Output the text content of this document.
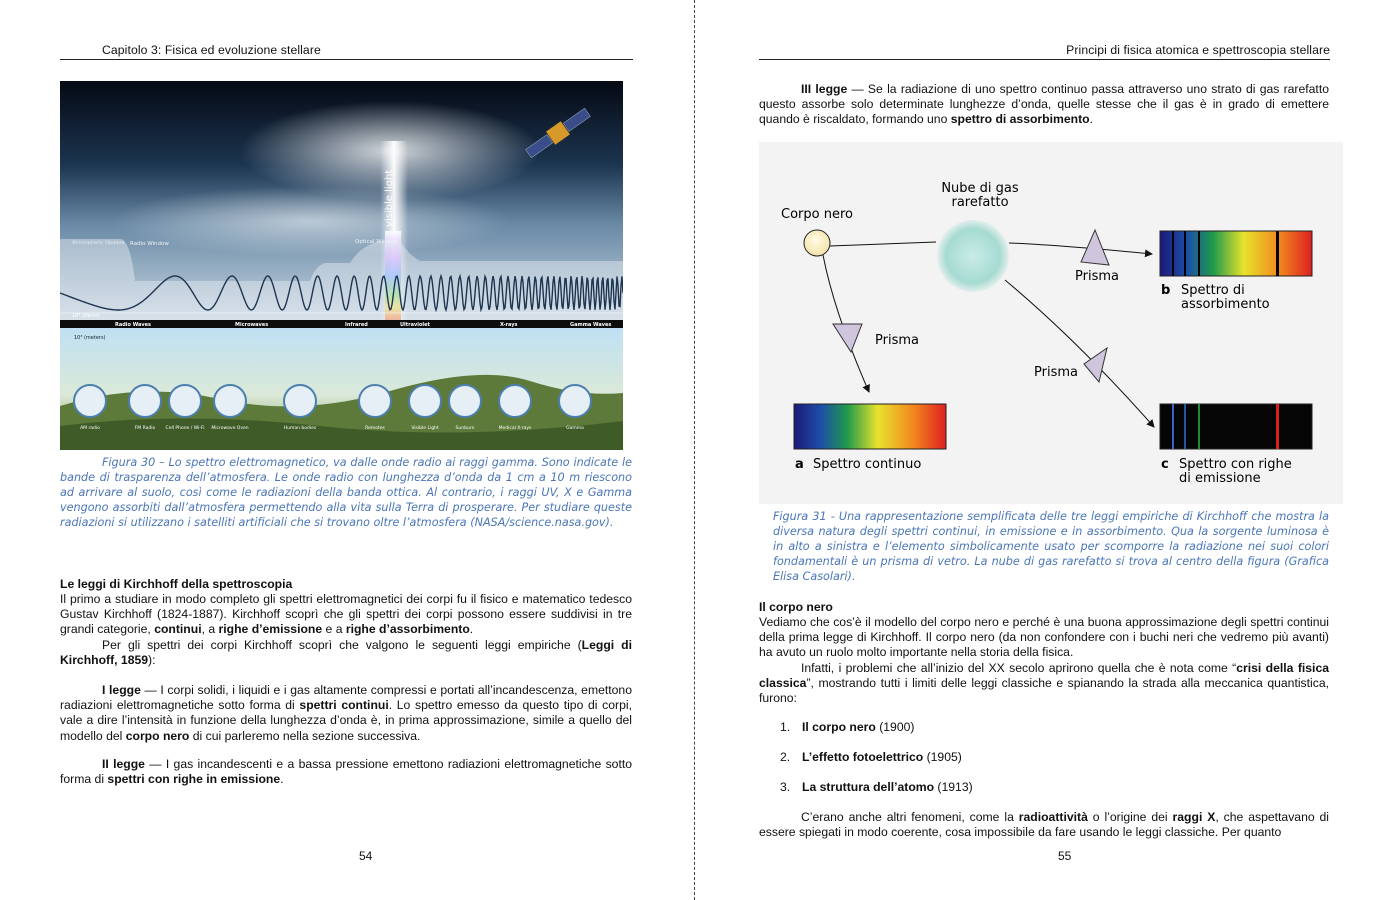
Capitolo 3: Fisica ed evoluzione stellare
visible light
Atmospheric Opaque Radio Window	Optical Window
10⁴ (Hertz)
Radio Waves	Microwaves	Infrared	Ultraviolet	X-rays	Gamma Waves
10³ (meters)
AM radio	FM Radio Cell Phone / Wi-Fi Microwave Oven	Human bodies	Remotes	Visible Light	Sunburn	Medical X-rays	Gamma
Figura 30 – Lo spettro elettromagnetico, va dalle onde radio ai raggi gamma. Sono indicate le bande di trasparenza dell’atmosfera. Le onde radio con lunghezza d’onda da 1 cm a 10 m riescono ad arrivare al suolo, così come le radiazioni della banda ottica. Al contrario, i raggi UV, X e Gamma vengono assorbiti dall’atmosfera permettendo alla vita sulla Terra di prosperare. Per studiare queste radiazioni si utilizzano i satelliti artificiali che si trovano oltre l’atmosfera (NASA/science.nasa.gov).
Le leggi di Kirchhoff della spettroscopia
Il primo a studiare in modo completo gli spettri elettromagnetici dei corpi fu il fisico e matematico tedesco Gustav Kirchhoff (1824-1887). Kirchhoff scoprì che gli spettri dei corpi possono essere suddivisi in tre grandi categorie, continui, a righe d’emissione e a righe d’assorbimento.
Per gli spettri dei corpi Kirchhoff scoprì che valgono le seguenti leggi empiriche (Leggi di Kirchhoff, 1859):
I legge — I corpi solidi, i liquidi e i gas altamente compressi e portati all’incandescenza, emettono radiazioni elettromagnetiche sotto forma di spettri continui. Lo spettro emesso da questo tipo di corpi, vale a dire l’intensità in funzione della lunghezza d’onda è, in prima approssimazione, simile a quello del modello del corpo nero di cui parleremo nella sezione successiva.
II legge — I gas incandescenti e a bassa pressione emettono radiazioni elettromagnetiche sotto forma di spettri con righe in emissione.
54
Principi di fisica atomica e spettroscopia stellare
III legge — Se la radiazione di uno spettro continuo passa attraverso uno strato di gas rarefatto questo assorbe solo determinate lunghezze d’onda, quelle stesse che il gas è in grado di emettere quando è riscaldato, formando uno spettro di assorbimento.
Corpo nero
Nube di gas
rarefatto
Prisma
Prisma
Prisma
a Spettro continuo
b Spettro di
assorbimento
c Spettro con righe
di emissione
Figura 31 - Una rappresentazione semplificata delle tre leggi empiriche di Kirchhoff che mostra la diversa natura degli spettri continui, in emissione e in assorbimento. Qua la sorgente luminosa è in alto a sinistra e l’elemento simbolicamente usato per scomporre la radiazione nei suoi colori fondamentali è un prisma di vetro. La nube di gas rarefatto si trova al centro della figura (Grafica Elisa Casolari).
Il corpo nero
Vediamo che cos’è il modello del corpo nero e perché è una buona approssimazione degli spettri continui della prima legge di Kirchhoff. Il corpo nero (da non confondere con i buchi neri che vedremo più avanti) ha avuto un ruolo molto importante nella storia della fisica.
Infatti, i problemi che all’inizio del XX secolo aprirono quella che è nota come “crisi della fisica classica”, mostrando tutti i limiti delle leggi classiche e spianando la strada alla meccanica quantistica, furono:
1. Il corpo nero (1900)
2. L’effetto fotoelettrico (1905)
3. La struttura dell’atomo (1913)
C’erano anche altri fenomeni, come la radioattività o l’origine dei raggi X, che aspettavano di essere spiegati in modo coerente, cosa impossibile da fare usando le leggi classiche. Per quanto
55
